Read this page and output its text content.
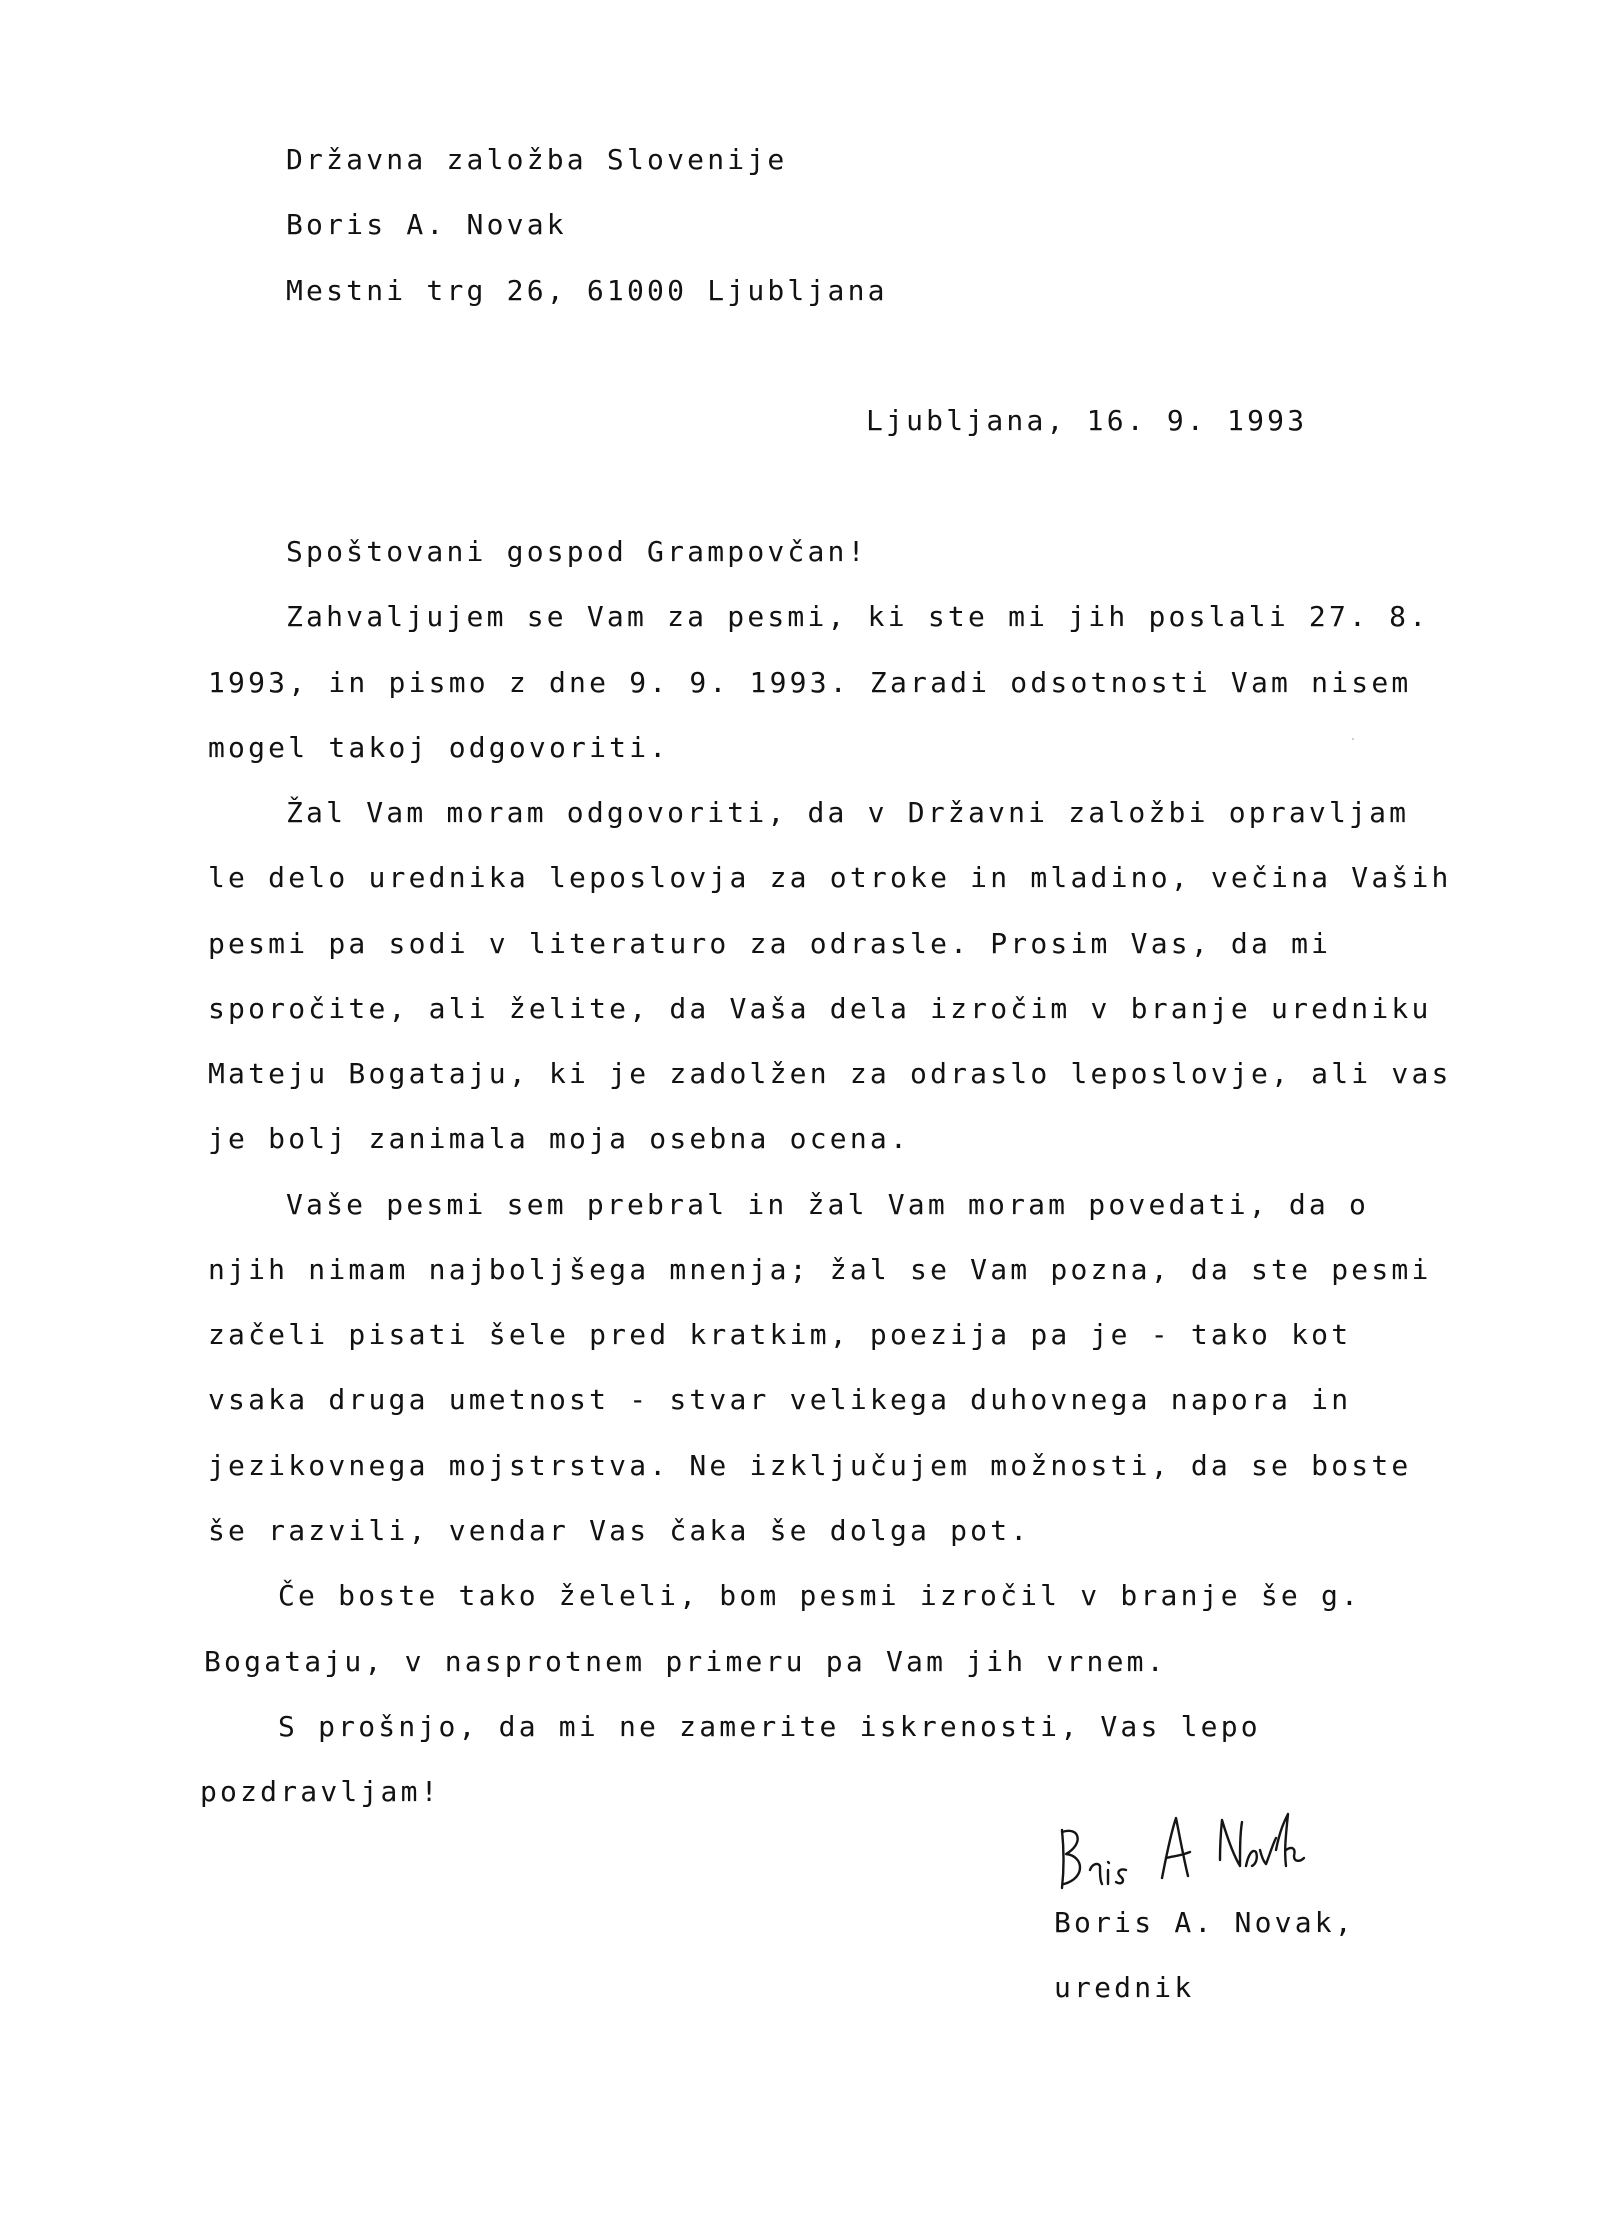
Državna založba Slovenije
Boris A. Novak
Mestni trg 26, 61000 Ljubljana
Ljubljana, 16. 9. 1993
Spoštovani gospod Grampovčan!
Zahvaljujem se Vam za pesmi, ki ste mi jih poslali 27. 8.
1993, in pismo z dne 9. 9. 1993. Zaradi odsotnosti Vam nisem
mogel takoj odgovoriti.
Žal Vam moram odgovoriti, da v Državni založbi opravljam
le delo urednika leposlovja za otroke in mladino, večina Vaših
pesmi pa sodi v literaturo za odrasle. Prosim Vas, da mi
sporočite, ali želite, da Vaša dela izročim v branje uredniku
Mateju Bogataju, ki je zadolžen za odraslo leposlovje, ali vas
je bolj zanimala moja osebna ocena.
Vaše pesmi sem prebral in žal Vam moram povedati, da o
njih nimam najboljšega mnenja; žal se Vam pozna, da ste pesmi
začeli pisati šele pred kratkim, poezija pa je - tako kot
vsaka druga umetnost - stvar velikega duhovnega napora in
jezikovnega mojstrstva. Ne izključujem možnosti, da se boste
še razvili, vendar Vas čaka še dolga pot.
Če boste tako želeli, bom pesmi izročil v branje še g.
Bogataju, v nasprotnem primeru pa Vam jih vrnem.
S prošnjo, da mi ne zamerite iskrenosti, Vas lepo
pozdravljam!
Boris A. Novak,
urednik
